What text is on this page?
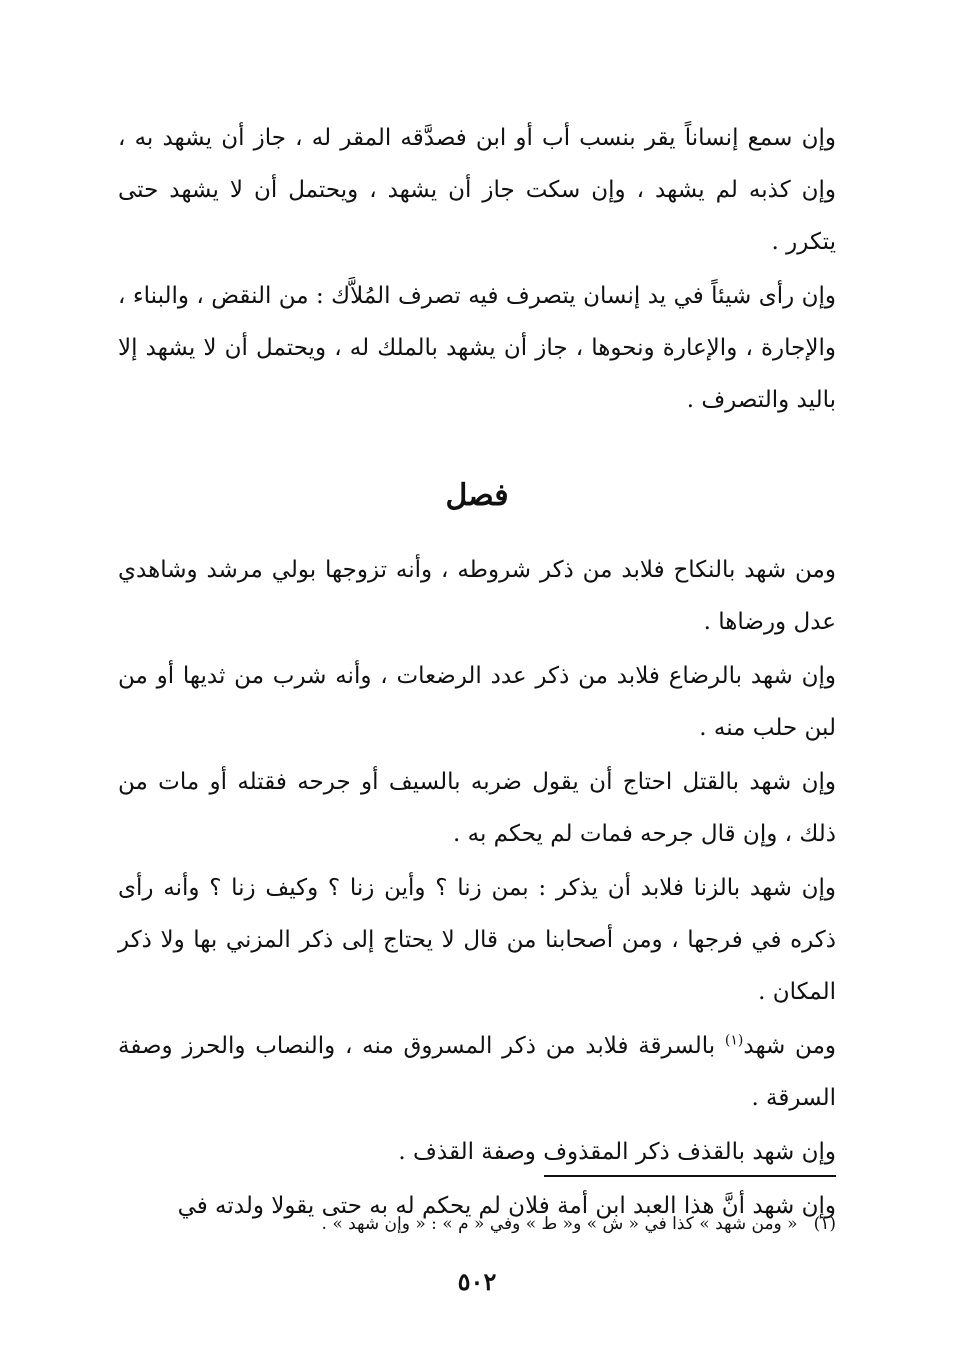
وإن سمع إنساناً يقر بنسب أب أو ابن فصدَّقه المقر له ، جاز أن يشهد به ، وإن كذبه لم يشهد ، وإن سكت جاز أن يشهد ، ويحتمل أن لا يشهد حتى يتكرر .

وإن رأى شيئاً في يد إنسان يتصرف فيه تصرف المُلاَّك : من النقض ، والبناء ، والإجارة ، والإعارة ونحوها ، جاز أن يشهد بالملك له ، ويحتمل أن لا يشهد إلا باليد والتصرف .

فصل

ومن شهد بالنكاح فلابد من ذكر شروطه ، وأنه تزوجها بولي مرشد وشاهدي عدل ورضاها .

وإن شهد بالرضاع فلابد من ذكر عدد الرضعات ، وأنه شرب من ثديها أو من لبن حلب منه .

وإن شهد بالقتل احتاج أن يقول ضربه بالسيف أو جرحه فقتله أو مات من ذلك ، وإن قال جرحه فمات لم يحكم به .

وإن شهد بالزنا فلابد أن يذكر : بمن زنا ؟ وأين زنا ؟ وكيف زنا ؟ وأنه رأى ذكره في فرجها ، ومن أصحابنا من قال لا يحتاج إلى ذكر المزني بها ولا ذكر المكان .

ومن شهد$^{(١)}$ بالسرقة فلابد من ذكر المسروق منه ، والنصاب والحرز وصفة السرقة .

وإن شهد بالقذف ذكر المقذوف وصفة القذف .

وإن شهد أنَّ هذا العبد ابن أمة فلان لم يحكم له به حتى يقولا ولدته في

(١)« ومن شهد » كذا في « ش » و« ط » وفي « م » : « وإن شهد » .
٥٠٢
